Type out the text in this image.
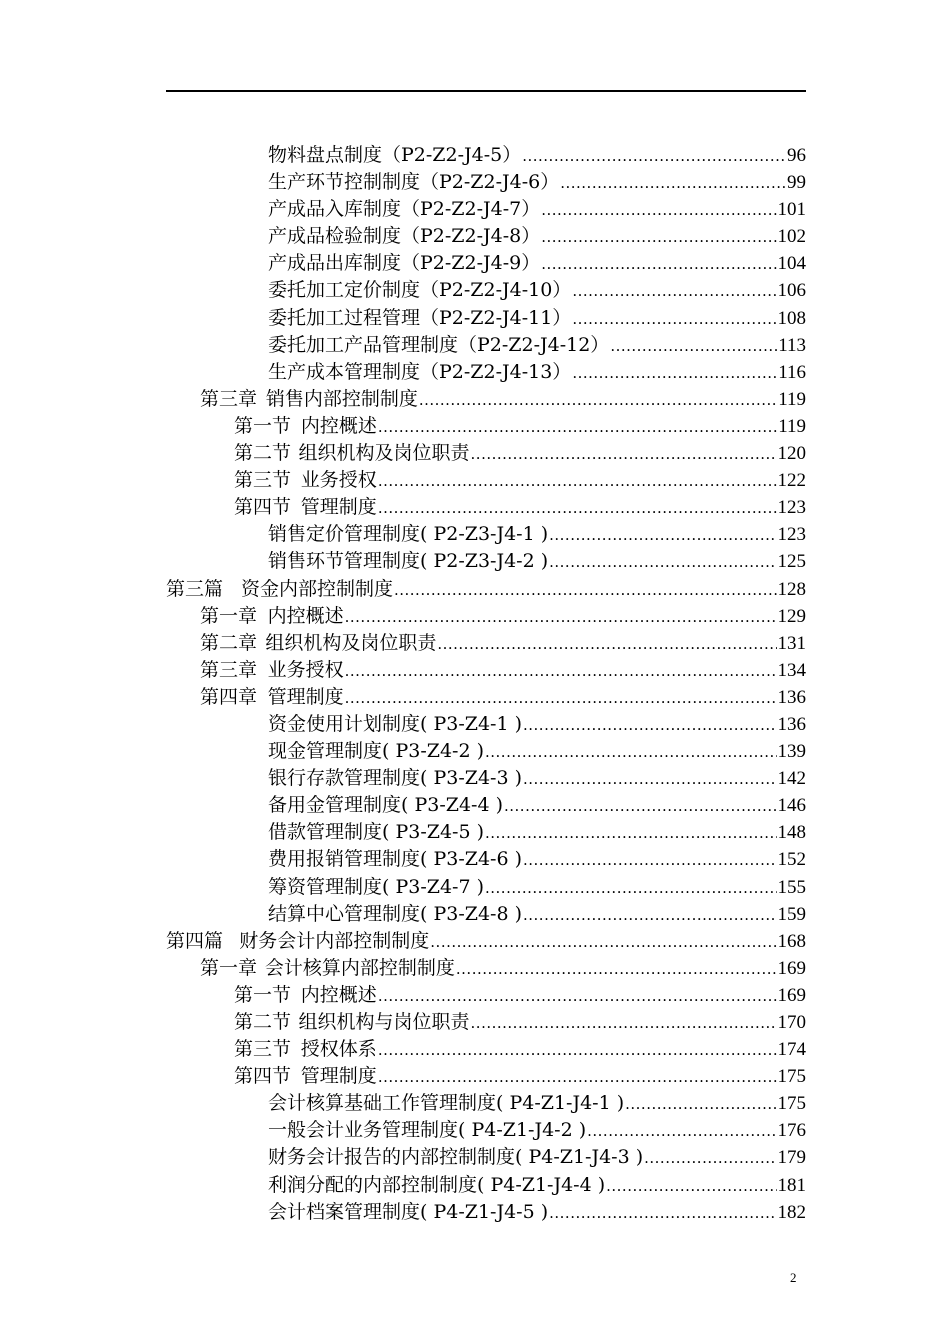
物料盘点制度（P2-Z2-J4-5） .....	96
生产环节控制制度（P2-Z2-J4-6） .....	99
产成品入库制度（P2-Z2-J4-7） .....	101
产成品检验制度（P2-Z2-J4-8） .....	102
产成品出库制度（P2-Z2-J4-9） .....	104
委托加工定价制度（P2-Z2-J4-10） .....	106
委托加工过程管理（P2-Z2-J4-11） .....	108
委托加工产品管理制度（P2-Z2-J4-12） .....	113
生产成本管理制度（P2-Z2-J4-13） .....	116
第三章 销售内部控制制度 .....	119
第一节 内控概述 .....	119
第二节 组织机构及岗位职责 .....	120
第三节 业务授权 .....	122
第四节 管理制度 .....	123
销售定价管理制度( P2-Z3-J4-1 ) .....	123
销售环节管理制度( P2-Z3-J4-2 ) .....	125
第三篇 资金内部控制制度 .....	128
第一章 内控概述 .....	129
第二章 组织机构及岗位职责 .....	131
第三章 业务授权 .....	134
第四章 管理制度 .....	136
资金使用计划制度( P3-Z4-1 ) .....	136
现金管理制度( P3-Z4-2 ) .....	139
银行存款管理制度( P3-Z4-3 ) .....	142
备用金管理制度( P3-Z4-4 ) .....	146
借款管理制度( P3-Z4-5 ) .....	148
费用报销管理制度( P3-Z4-6 ) .....	152
筹资管理制度( P3-Z4-7 ) .....	155
结算中心管理制度( P3-Z4-8 ) .....	159
第四篇 财务会计内部控制制度 .....	168
第一章 会计核算内部控制制度 .....	169
第一节 内控概述 .....	169
第二节 组织机构与岗位职责 .....	170
第三节 授权体系 .....	174
第四节 管理制度 .....	175
会计核算基础工作管理制度( P4-Z1-J4-1 ) .....	175
一般会计业务管理制度( P4-Z1-J4-2 ) .....	176
财务会计报告的内部控制制度( P4-Z1-J4-3 ) .....	179
利润分配的内部控制制度( P4-Z1-J4-4 ) .....	181
会计档案管理制度( P4-Z1-J4-5 ) .....	182
2
